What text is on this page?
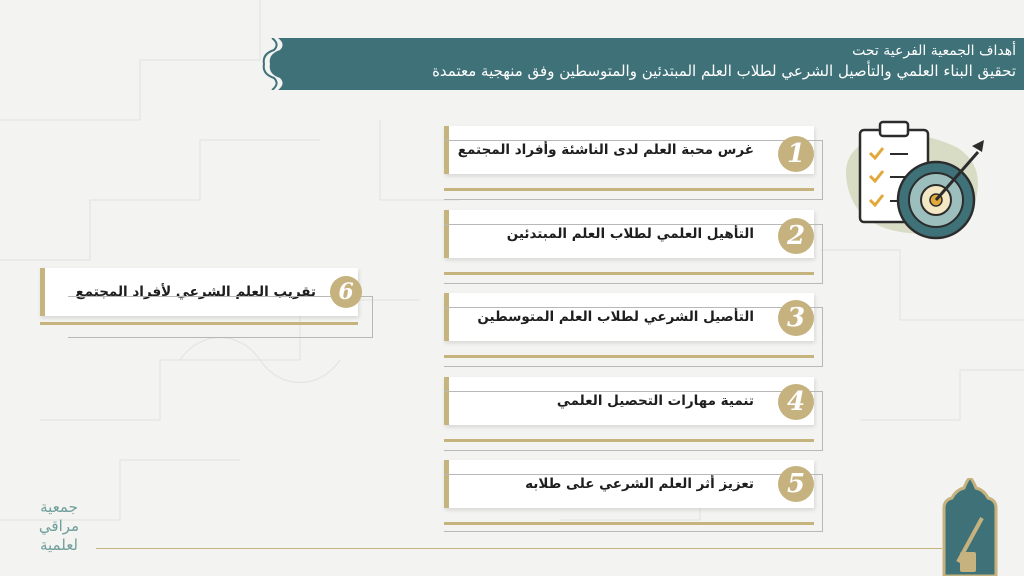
أهداف الجمعية الفرعية تحت
تحقيق البناء العلمي والتأصيل الشرعي لطلاب العلم المبتدئين والمتوسطين وفق منهجية معتمدة
غرس محبة العلم لدى الناشئة وأفراد المجتمع	1
التأهيل العلمي لطلاب العلم المبتدئين	2
التأصيل الشرعي لطلاب العلم المتوسطين	3
تنمية مهارات التحصيل العلمي	4
تعزيز أثر العلم الشرعي على طلابه	5
تقريب العلم الشرعي لأفراد المجتمع	6
جمعية
مراقي
لعلمية
